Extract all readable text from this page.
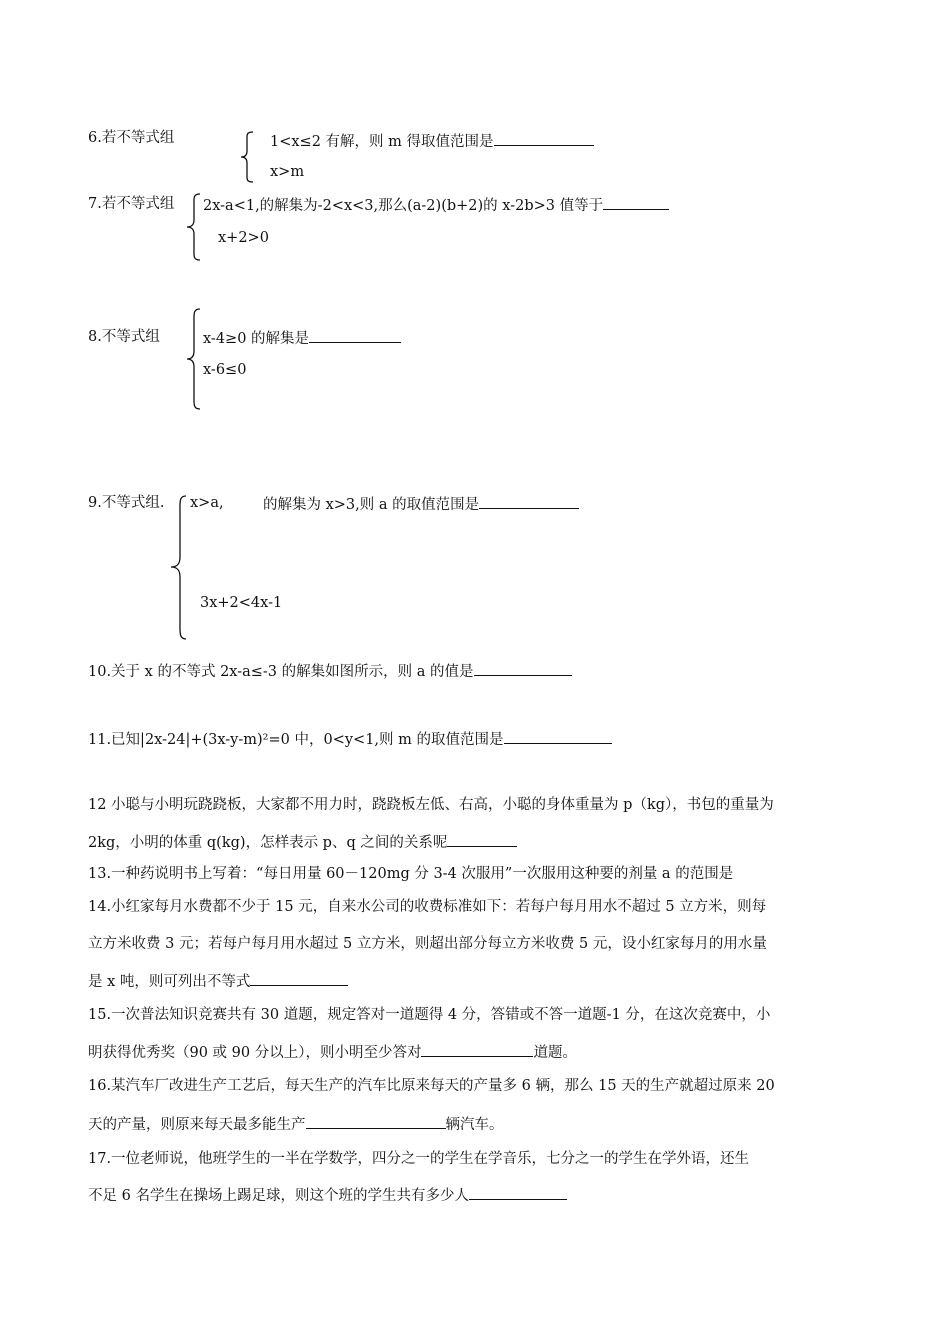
6.若不等式组	1<x≤2 有解，则 m 得取值范围是
x>m
7.若不等式组 2x-a<1,的解集为-2<x<3,那么(a-2)(b+2)的 x-2b>3 值等于
x+2>0
8.不等式组	x-4≥0 的解集是
x-6≤0
9.不等式组. x>a,	的解集为 x>3,则 a 的取值范围是
3x+2<4x-1
10.关于 x 的不等式 2x-a≤-3 的解集如图所示，则 a 的值是
11.已知|2x-24|+(3x-y-m)²=0 中，0<y<1,则 m 的取值范围是
12 小聪与小明玩跷跷板，大家都不用力时，跷跷板左低、右高，小聪的身体重量为 p（kg），书包的重量为
2kg，小明的体重 q(kg)，怎样表示 p、q 之间的关系呢
13.一种药说明书上写着：“每日用量 60－120mg 分 3-4 次服用”一次服用这种要的剂量 a 的范围是
14.小红家每月水费都不少于 15 元，自来水公司的收费标准如下：若每户每月用水不超过 5 立方米，则每
立方米收费 3 元；若每户每月用水超过 5 立方米，则超出部分每立方米收费 5 元，设小红家每月的用水量
是 x 吨，则可列出不等式
15.一次普法知识竞赛共有 30 道题，规定答对一道题得 4 分，答错或不答一道题-1 分，在这次竞赛中，小
明获得优秀奖（90 或 90 分以上），则小明至少答对	道题。
16.某汽车厂改进生产工艺后，每天生产的汽车比原来每天的产量多 6 辆，那么 15 天的生产就超过原来 20
天的产量，则原来每天最多能生产	辆汽车。
17.一位老师说，他班学生的一半在学数学，四分之一的学生在学音乐，七分之一的学生在学外语，还生
不足 6 名学生在操场上踢足球，则这个班的学生共有多少人
